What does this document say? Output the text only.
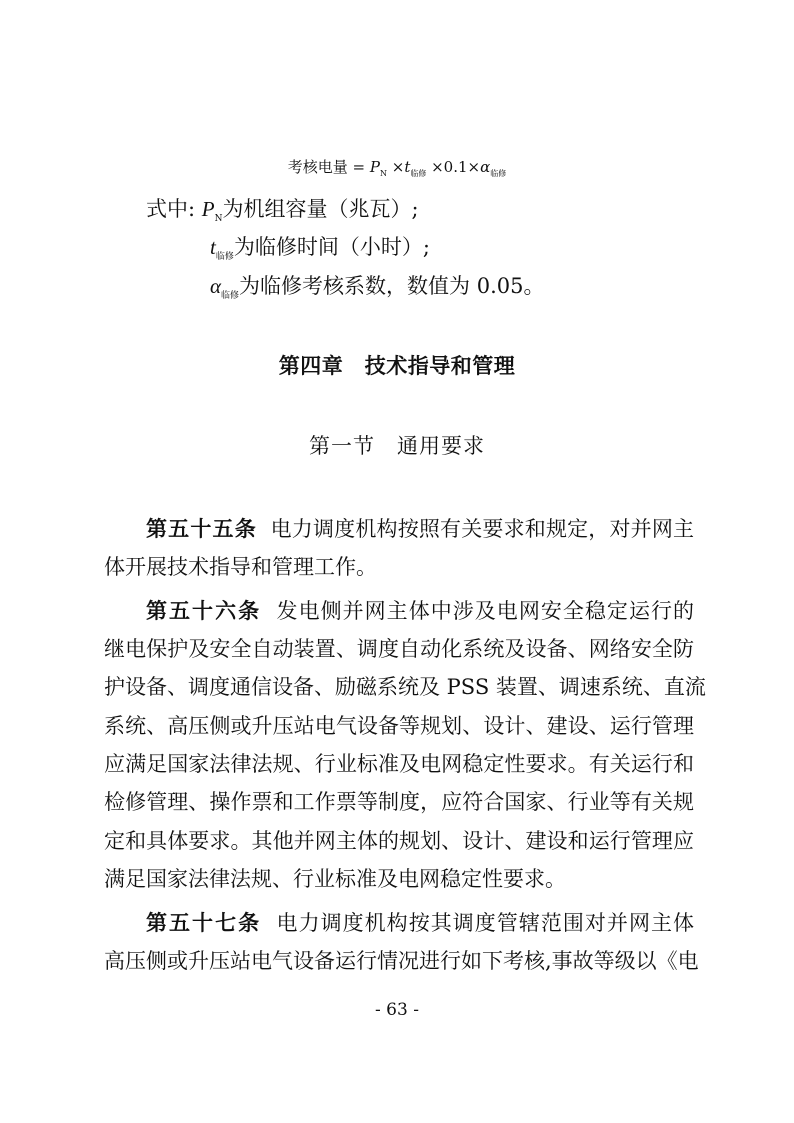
考核电量 = $P_N \times t_{临修} \times 0.1\times\alpha_{临修}$
式中: $P_N$为机组容量（兆瓦）;
$t_{临修}$为临修时间（小时）;
$\alpha_{临修}$为临修考核系数，数值为 0.05。
第四章　技术指导和管理
第一节　通用要求
第五十五条 电力调度机构按照有关要求和规定，对并网主
体开展技术指导和管理工作。
第五十六条 发电侧并网主体中涉及电网安全稳定运行的
继电保护及安全自动装置、调度自动化系统及设备、网络安全防
护设备、调度通信设备、励磁系统及 PSS 装置、调速系统、直流
系统、高压侧或升压站电气设备等规划、设计、建设、运行管理
应满足国家法律法规、行业标准及电网稳定性要求。有关运行和
检修管理、操作票和工作票等制度，应符合国家、行业等有关规
定和具体要求。其他并网主体的规划、设计、建设和运行管理应
满足国家法律法规、行业标准及电网稳定性要求。
第五十七条 电力调度机构按其调度管辖范围对并网主体
高压侧或升压站电气设备运行情况进行如下考核,事故等级以《电
- 63 -
